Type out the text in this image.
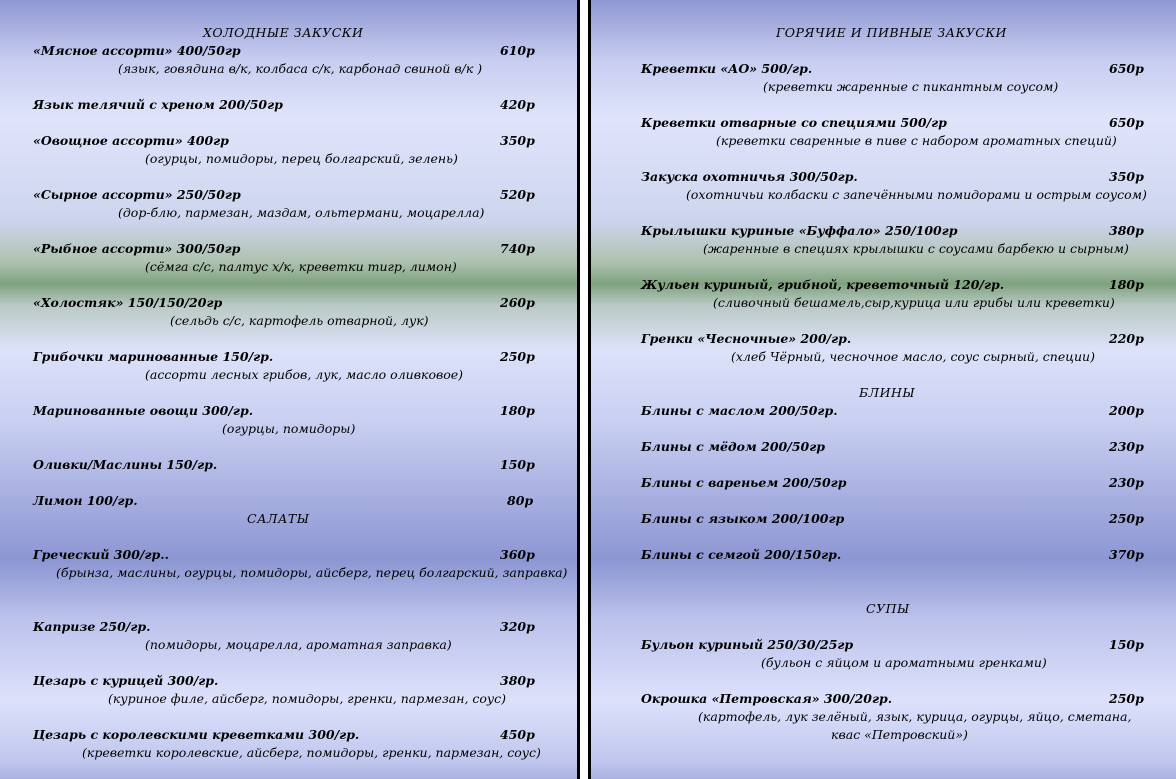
ХОЛОДНЫЕ ЗАКУСКИ
«Мясное ассорти» 400/50гр	610р
(язык, говядина в/к, колбаса с/к, карбонад свиной в/к )
Язык телячий с хреном 200/50гр	420р
«Овощное ассорти» 400гр	350р
(огурцы, помидоры, перец болгарский, зелень)
«Сырное ассорти» 250/50гр	520р
(дор-блю, пармезан, маздам, ольтермани, моцарелла)
«Рыбное ассорти» 300/50гр	740р
(сёмга с/с, палтус х/к, креветки тигр, лимон)
«Холостяк» 150/150/20гр	260р
(сельдь с/с, картофель отварной, лук)
Грибочки маринованные 150/гр.	250р
(ассорти лесных грибов, лук, масло оливковое)
Маринованные овощи 300/гр.	180р
(огурцы, помидоры)
Оливки/Маслины 150/гр.	150р
Лимон 100/гр.	80р
САЛАТЫ
Греческий 300/гр..	360р
(брынза, маслины, огурцы, помидоры, айсберг, перец болгарский, заправка)
Капризе 250/гр.	320р
(помидоры, моцарелла, ароматная заправка)
Цезарь с курицей 300/гр.	380р
(куриное филе, айсберг, помидоры, гренки, пармезан, соус)
Цезарь с королевскими креветками 300/гр.	450р
(креветки королевские, айсберг, помидоры, гренки, пармезан, соус)
ГОРЯЧИЕ И ПИВНЫЕ ЗАКУСКИ
Креветки «АО» 500/гр.	650р
(креветки жаренные с пикантным соусом)
Креветки отварные со специями 500/гр	650р
(креветки сваренные в пиве с набором ароматных специй)
Закуска охотничья 300/50гр.	350р
(охотничьи колбаски с запечёнными помидорами и острым соусом)
Крылышки куриные «Буффало» 250/100гр	380р
(жаренные в специях крылышки с соусами барбекю и сырным)
Жульен куриный, грибной, креветочный 120/гр.	180р
(сливочный бешамель,сыр,курица или грибы или креветки)
Гренки «Чесночные» 200/гр.	220р
(хлеб Чёрный, чесночное масло, соус сырный, специи)
БЛИНЫ
Блины с маслом 200/50гр.	200р
Блины с мёдом 200/50гр	230р
Блины с вареньем 200/50гр	230р
Блины с языком 200/100гр	250р
Блины с семгой 200/150гр.	370р
СУПЫ
Бульон куриный 250/30/25гр	150р
(бульон с яйцом и ароматными гренками)
Окрошка «Петровская» 300/20гр.	250р
(картофель, лук зелёный, язык, курица, огурцы, яйцо, сметана,
квас «Петровский»)
